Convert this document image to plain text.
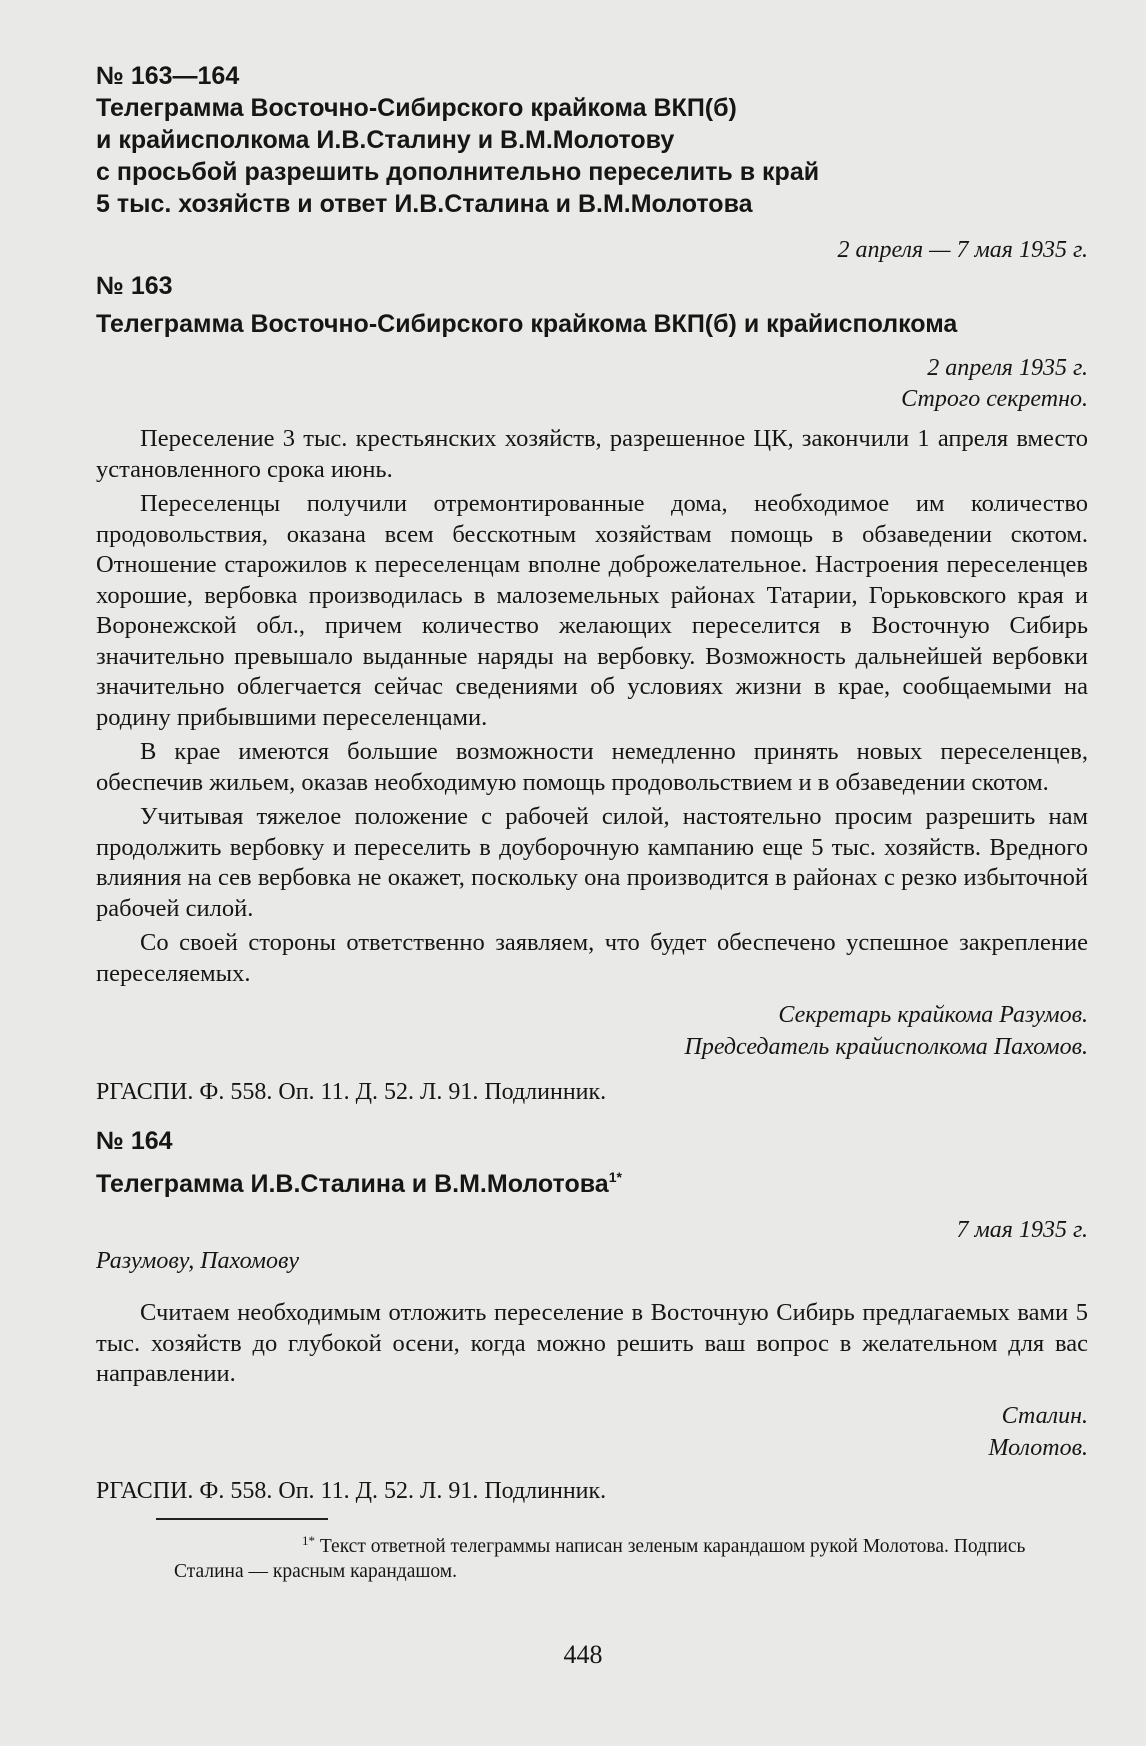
№ 163—164

Телеграмма Восточно-Сибирского крайкома ВКП(б)

и крайисполкома И.В.Сталину и В.М.Молотову

с просьбой разрешить дополнительно переселить в край

5 тыс. хозяйств и ответ И.В.Сталина и В.М.Молотова

2 апреля — 7 мая 1935 г.

№ 163

Телеграмма Восточно-Сибирского крайкома ВКП(б) и крайисполкома

2 апреля 1935 г.

Строго секретно.

Переселение 3 тыс. крестьянских хозяйств, разрешенное ЦК, закончили 1 апреля вместо установленного срока июнь.

Переселенцы получили отремонтированные дома, необходимое им количество продовольствия, оказана всем бесскотным хозяйствам помощь в обзаведении скотом. Отношение старожилов к переселенцам вполне доброжелательное. Настроения переселенцев хорошие, вербовка производилась в малоземельных районах Татарии, Горьковского края и Воронежской обл., причем количество желающих переселится в Восточную Сибирь значительно превышало выданные наряды на вербовку. Возможность дальнейшей вербовки значительно облегчается сейчас сведениями об условиях жизни в крае, сообщаемыми на родину прибывшими переселенцами.

В крае имеются большие возможности немедленно принять новых переселенцев, обеспечив жильем, оказав необходимую помощь продовольствием и в обзаведении скотом.

Учитывая тяжелое положение с рабочей силой, настоятельно просим разрешить нам продолжить вербовку и переселить в доуборочную кампанию еще 5 тыс. хозяйств. Вредного влияния на сев вербовка не окажет, поскольку она производится в районах с резко избыточной рабочей силой.

Со своей стороны ответственно заявляем, что будет обеспечено успешное закрепление переселяемых.

Секретарь крайкома Разумов.

Председатель крайисполкома Пахомов.

РГАСПИ. Ф. 558. Оп. 11. Д. 52. Л. 91. Подлинник.

№ 164

Телеграмма И.В.Сталина и В.М.Молотова$^{1*}$

7 мая 1935 г.

Разумову, Пахомову

Считаем необходимым отложить переселение в Восточную Сибирь предлагаемых вами 5 тыс. хозяйств до глубокой осени, когда можно решить ваш вопрос в желательном для вас направлении.

Сталин.

Молотов.

РГАСПИ. Ф. 558. Оп. 11. Д. 52. Л. 91. Подлинник.

$^{1*}$ Текст ответной телеграммы написан зеленым карандашом рукой Молотова. Подпись Сталина — красным карандашом.

448
